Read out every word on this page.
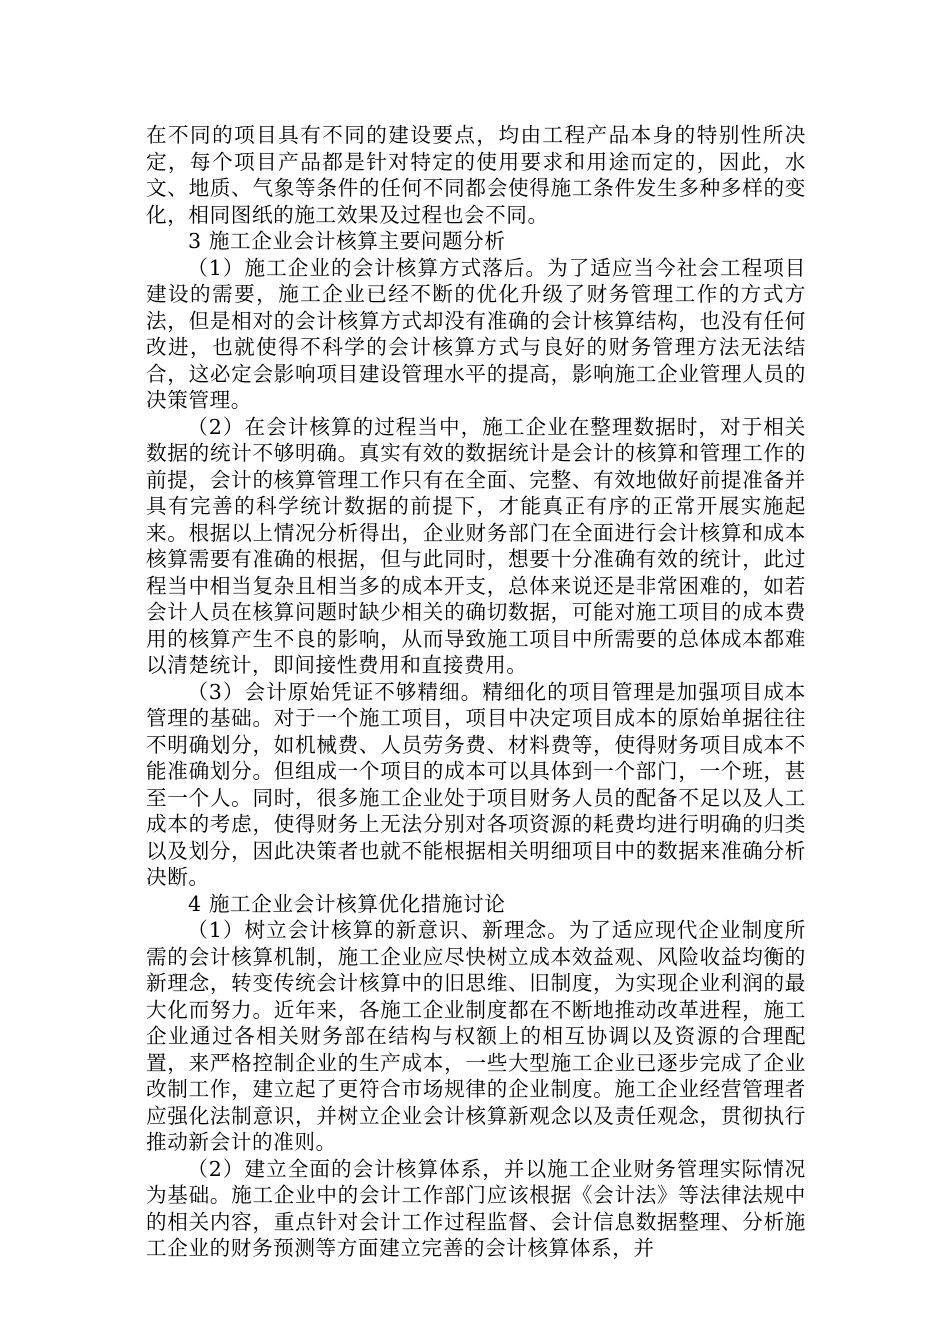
在不同的项目具有不同的建设要点，均由工程产品本身的特别性所决定，每个项目产品都是针对特定的使用要求和用途而定的，因此，水文、地质、气象等条件的任何不同都会使得施工条件发生多种多样的变化，相同图纸的施工效果及过程也会不同。

3 施工企业会计核算主要问题分析

（1）施工企业的会计核算方式落后。为了适应当今社会工程项目建设的需要，施工企业已经不断的优化升级了财务管理工作的方式方法，但是相对的会计核算方式却没有准确的会计核算结构，也没有任何改进，也就使得不科学的会计核算方式与良好的财务管理方法无法结合，这必定会影响项目建设管理水平的提高，影响施工企业管理人员的决策管理。

（2）在会计核算的过程当中，施工企业在整理数据时，对于相关数据的统计不够明确。真实有效的数据统计是会计的核算和管理工作的前提，会计的核算管理工作只有在全面、完整、有效地做好前提准备并具有完善的科学统计数据的前提下，才能真正有序的正常开展实施起来。根据以上情况分析得出，企业财务部门在全面进行会计核算和成本核算需要有准确的根据，但与此同时，想要十分准确有效的统计，此过程当中相当复杂且相当多的成本开支，总体来说还是非常困难的，如若会计人员在核算问题时缺少相关的确切数据，可能对施工项目的成本费用的核算产生不良的影响，从而导致施工项目中所需要的总体成本都难以清楚统计，即间接性费用和直接费用。

（3）会计原始凭证不够精细。精细化的项目管理是加强项目成本管理的基础。对于一个施工项目，项目中决定项目成本的原始单据往往不明确划分，如机械费、人员劳务费、材料费等，使得财务项目成本不能准确划分。但组成一个项目的成本可以具体到一个部门，一个班，甚至一个人。同时，很多施工企业处于项目财务人员的配备不足以及人工成本的考虑，使得财务上无法分别对各项资源的耗费均进行明确的归类以及划分，因此决策者也就不能根据相关明细项目中的数据来准确分析决断。

4 施工企业会计核算优化措施讨论

（1）树立会计核算的新意识、新理念。为了适应现代企业制度所需的会计核算机制，施工企业应尽快树立成本效益观、风险收益均衡的新理念，转变传统会计核算中的旧思维、旧制度，为实现企业利润的最大化而努力。近年来，各施工企业制度都在不断地推动改革进程，施工企业通过各相关财务部在结构与权额上的相互协调以及资源的合理配置，来严格控制企业的生产成本，一些大型施工企业已逐步完成了企业改制工作，建立起了更符合市场规律的企业制度。施工企业经营管理者应强化法制意识，并树立企业会计核算新观念以及责任观念，贯彻执行推动新会计的准则。

（2）建立全面的会计核算体系，并以施工企业财务管理实际情况为基础。施工企业中的会计工作部门应该根据《会计法》等法律法规中的相关内容，重点针对会计工作过程监督、会计信息数据整理、分析施工企业的财务预测等方面建立完善的会计核算体系，并
